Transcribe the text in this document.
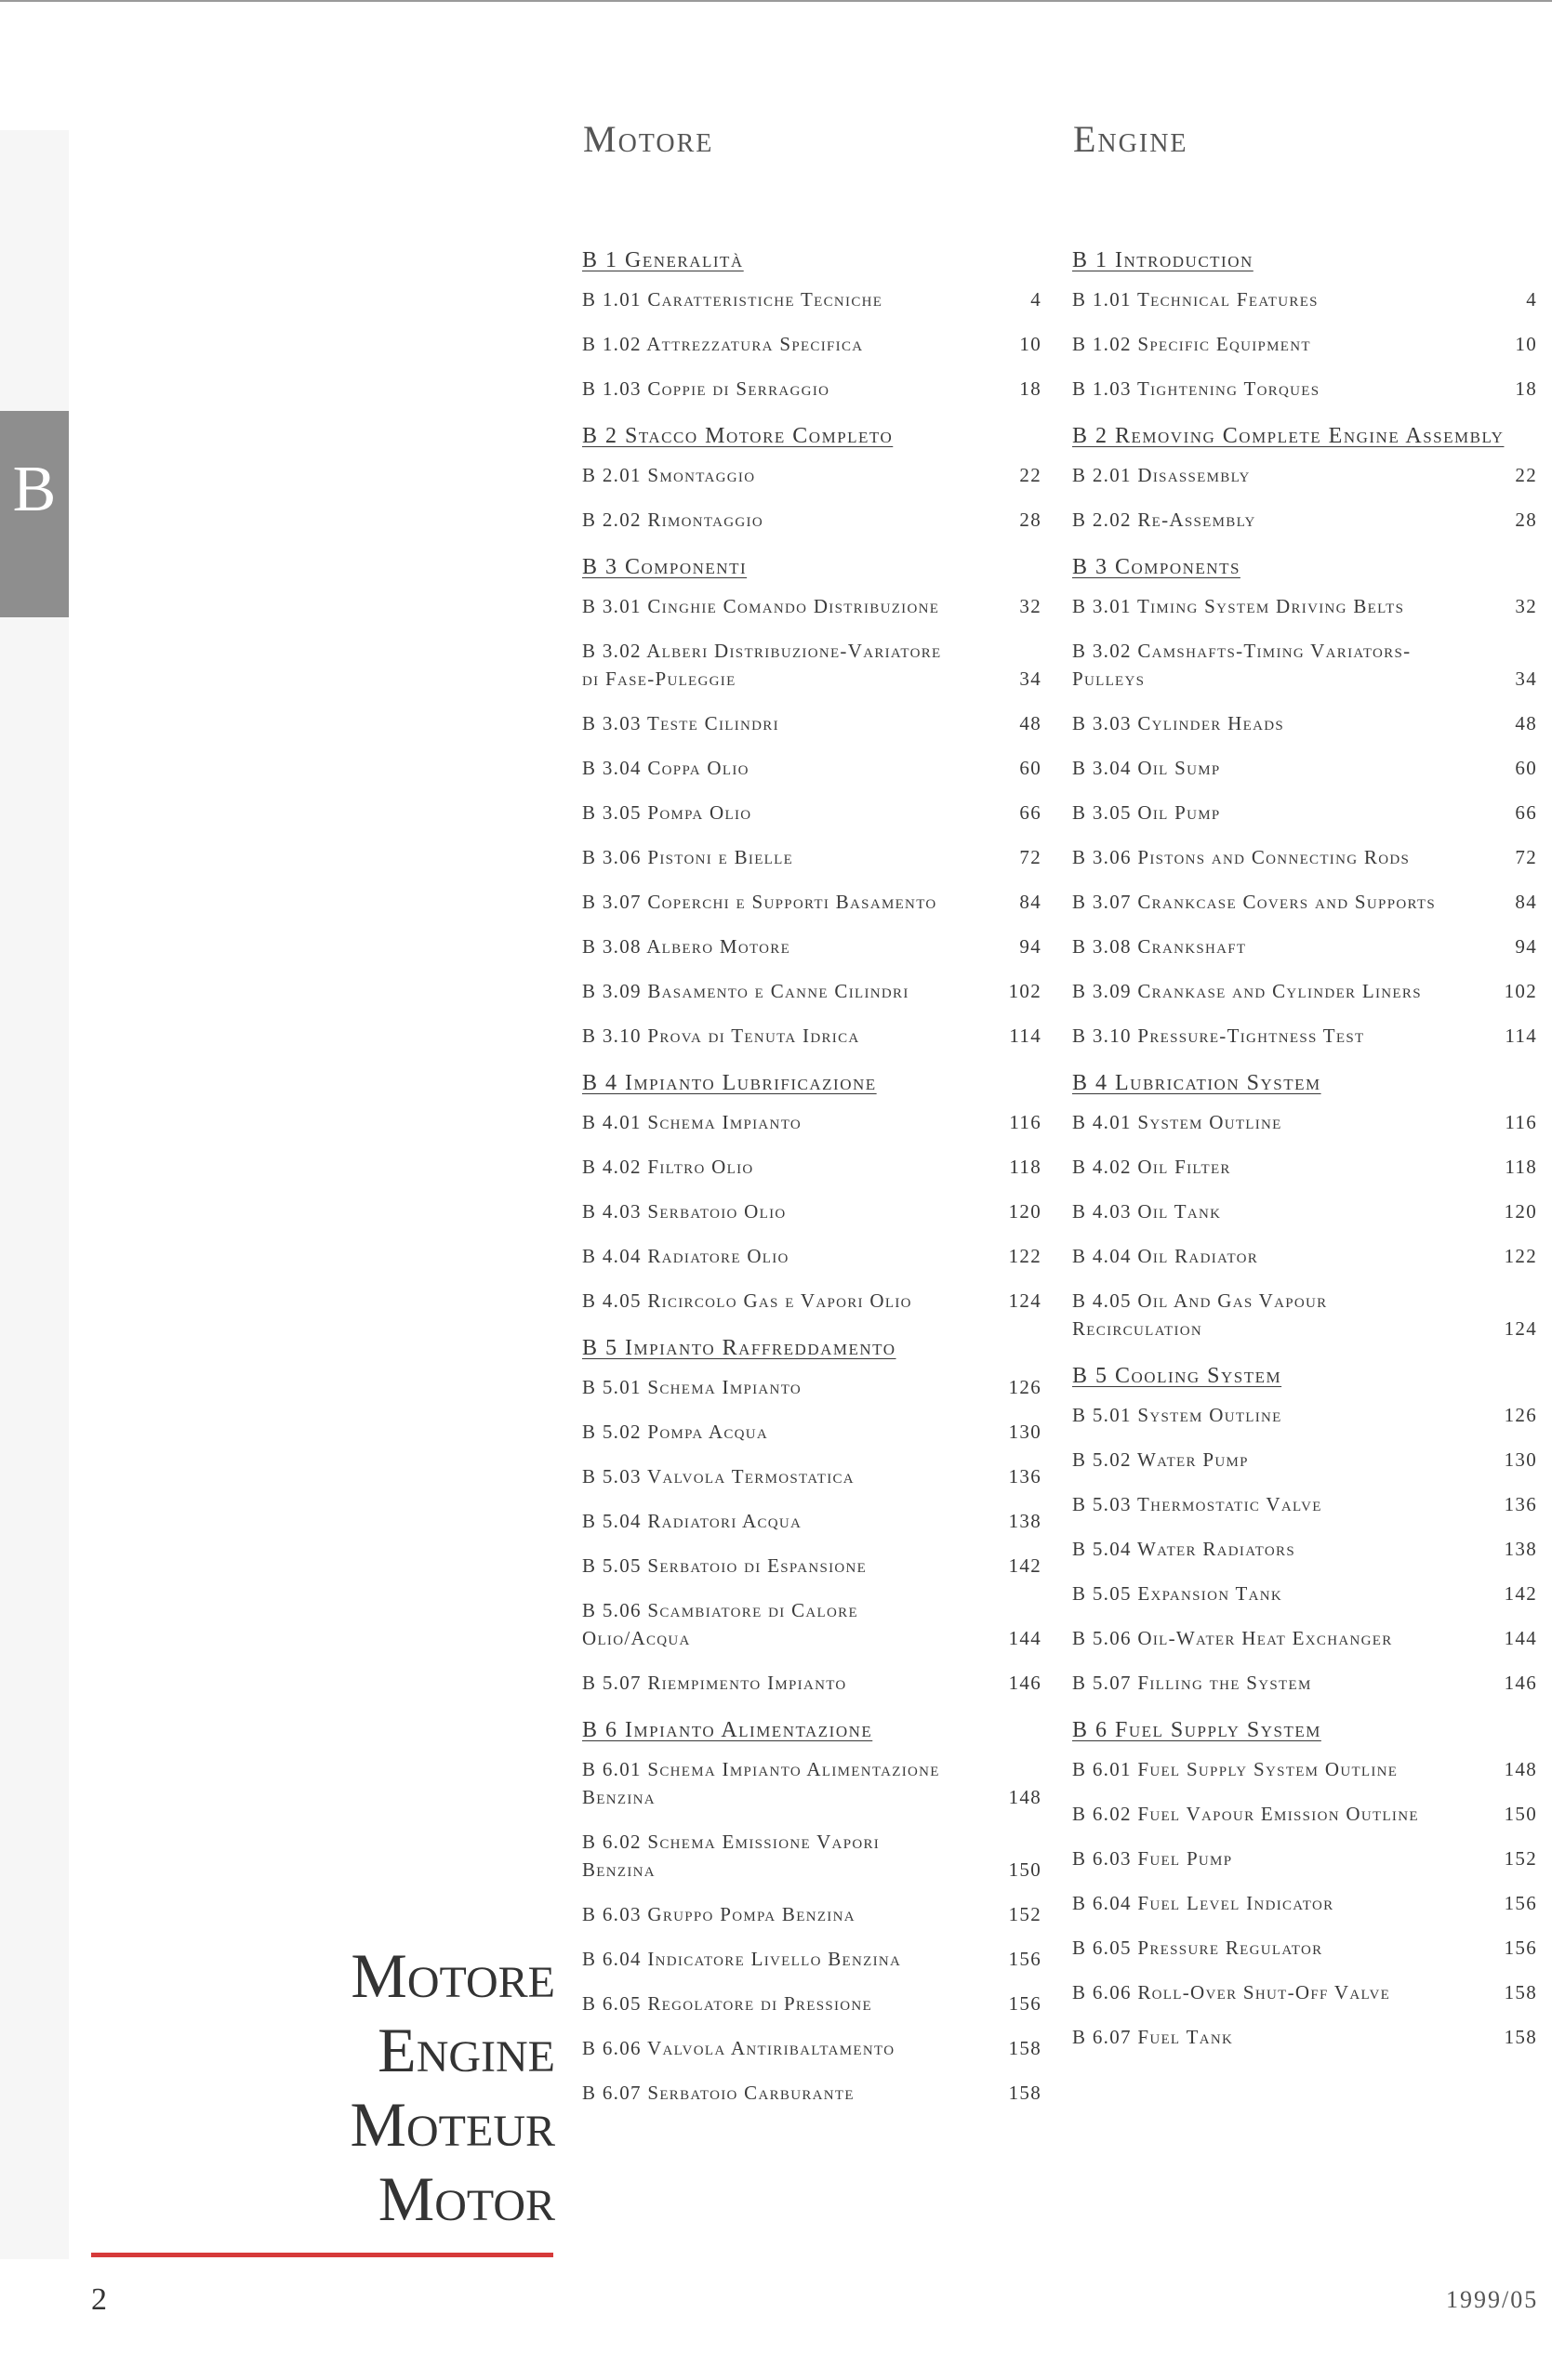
B
Motore	Engine
B 1 Generalità
B 1.01 Caratteristiche Tecniche	4
B 1.02 Attrezzatura Specifica	10
B 1.03 Coppie di Serraggio	18
B 2 Stacco Motore Completo
B 2.01 Smontaggio	22
B 2.02 Rimontaggio	28
B 3 Componenti
B 3.01 Cinghie Comando Distribuzione	32
B 3.02 Alberi Distribuzione-Variatore di Fase-Puleggie	34
B 3.03 Teste Cilindri	48
B 3.04 Coppa Olio	60
B 3.05 Pompa Olio	66
B 3.06 Pistoni e Bielle	72
B 3.07 Coperchi e Supporti Basamento	84
B 3.08 Albero Motore	94
B 3.09 Basamento e Canne Cilindri	102
B 3.10 Prova di Tenuta Idrica	114
B 4 Impianto Lubrificazione
B 4.01 Schema Impianto	116
B 4.02 Filtro Olio	118
B 4.03 Serbatoio Olio	120
B 4.04 Radiatore Olio	122
B 4.05 Ricircolo Gas e Vapori Olio	124
B 5 Impianto Raffreddamento
B 5.01 Schema Impianto	126
B 5.02 Pompa Acqua	130
B 5.03 Valvola Termostatica	136
B 5.04 Radiatori Acqua	138
B 5.05 Serbatoio di Espansione	142
B 5.06 Scambiatore di Calore Olio/Acqua	144
B 5.07 Riempimento Impianto	146
B 6 Impianto Alimentazione
B 6.01 Schema Impianto Alimentazione Benzina	148
B 6.02 Schema Emissione Vapori Benzina	150
B 6.03 Gruppo Pompa Benzina	152
B 6.04 Indicatore Livello Benzina	156
B 6.05 Regolatore di Pressione	156
B 6.06 Valvola Antiribaltamento	158
B 6.07 Serbatoio Carburante	158
B 1 Introduction
B 1.01 Technical Features	4
B 1.02 Specific Equipment	10
B 1.03 Tightening Torques	18
B 2 Removing Complete Engine Assembly
B 2.01 Disassembly	22
B 2.02 Re-Assembly	28
B 3 Components
B 3.01 Timing System Driving Belts	32
B 3.02 Camshafts-Timing Variators-Pulleys	34
B 3.03 Cylinder Heads	48
B 3.04 Oil Sump	60
B 3.05 Oil Pump	66
B 3.06 Pistons and Connecting Rods	72
B 3.07 Crankcase Covers and Supports	84
B 3.08 Crankshaft	94
B 3.09 Crankase and Cylinder Liners	102
B 3.10 Pressure-Tightness Test	114
B 4 Lubrication System
B 4.01 System Outline	116
B 4.02 Oil Filter	118
B 4.03 Oil Tank	120
B 4.04 Oil Radiator	122
B 4.05 Oil And Gas Vapour Recirculation	124
B 5 Cooling System
B 5.01 System Outline	126
B 5.02 Water Pump	130
B 5.03 Thermostatic Valve	136
B 5.04 Water Radiators	138
B 5.05 Expansion Tank	142
B 5.06 Oil-Water Heat Exchanger	144
B 5.07 Filling the System	146
B 6 Fuel Supply System
B 6.01 Fuel Supply System Outline	148
B 6.02 Fuel Vapour Emission Outline	150
B 6.03 Fuel Pump	152
B 6.04 Fuel Level Indicator	156
B 6.05 Pressure Regulator	156
B 6.06 Roll-Over Shut-Off Valve	158
B 6.07 Fuel Tank	158
Motore
Engine
Moteur
Motor
2	1999/05
